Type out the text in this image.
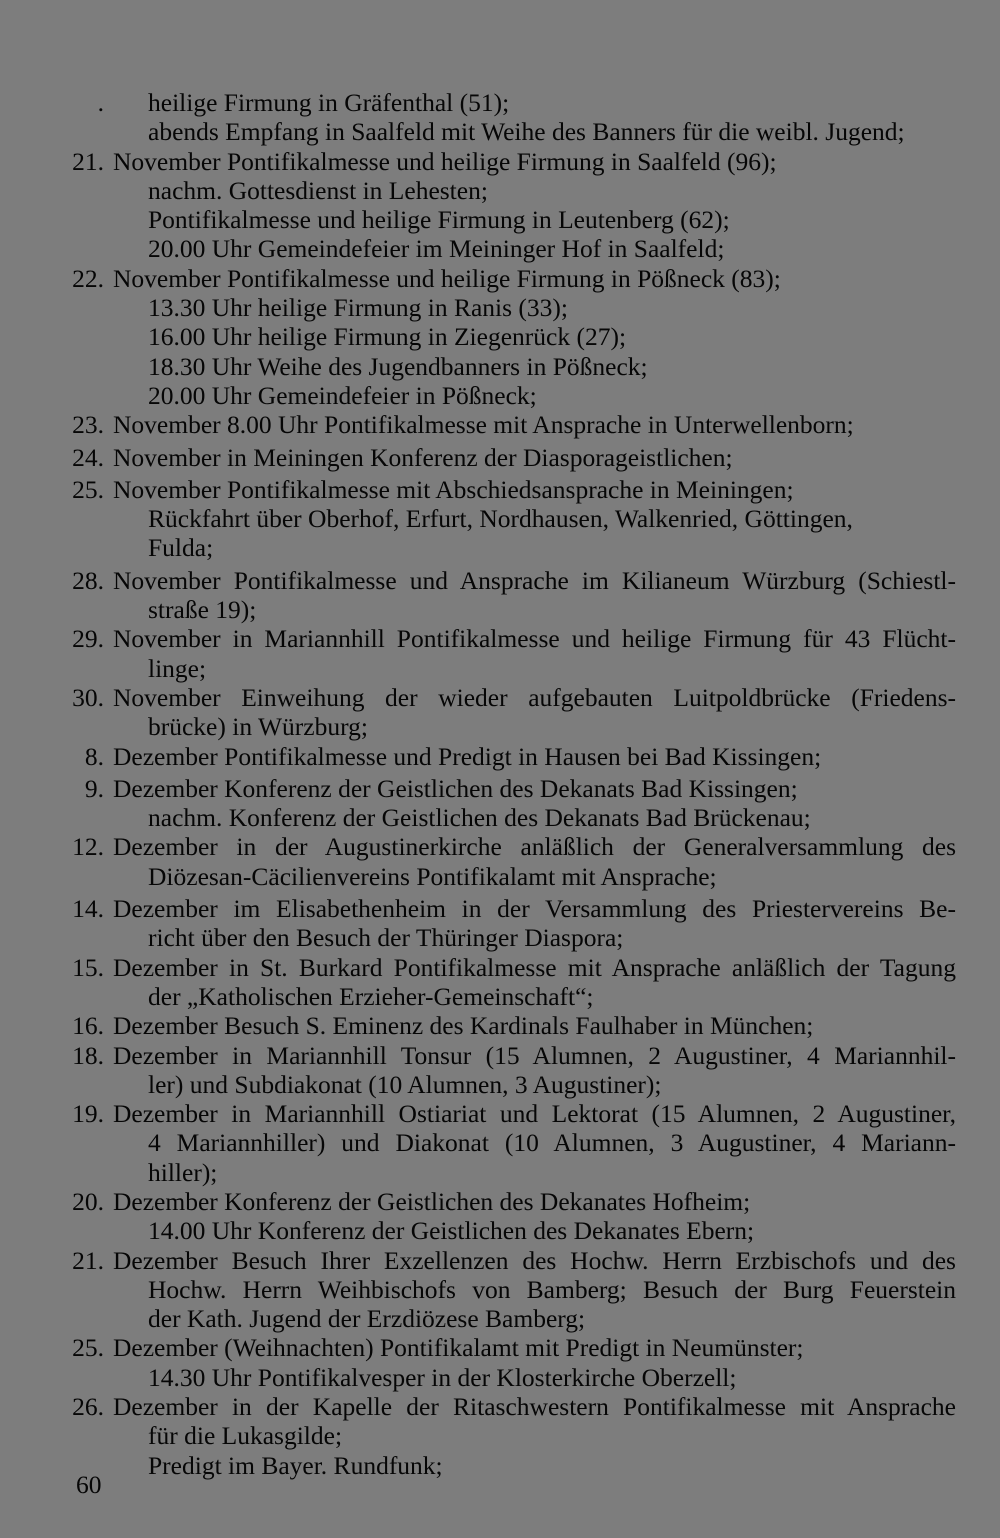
. heilige Firmung in Gräfenthal (51);
abends Empfang in Saalfeld mit Weihe des Banners für die weibl. Jugend;
21. November Pontifikalmesse und heilige Firmung in Saalfeld (96);
nachm. Gottesdienst in Lehesten;
Pontifikalmesse und heilige Firmung in Leutenberg (62);
20.00 Uhr Gemeindefeier im Meininger Hof in Saalfeld;
22. November Pontifikalmesse und heilige Firmung in Pößneck (83);
13.30 Uhr heilige Firmung in Ranis (33);
16.00 Uhr heilige Firmung in Ziegenrück (27);
18.30 Uhr Weihe des Jugendbanners in Pößneck;
20.00 Uhr Gemeindefeier in Pößneck;
23. November 8.00 Uhr Pontifikalmesse mit Ansprache in Unterwellenborn;
24. November in Meiningen Konferenz der Diasporageistlichen;
25. November Pontifikalmesse mit Abschiedsansprache in Meiningen;
Rückfahrt über Oberhof, Erfurt, Nordhausen, Walkenried, Göttingen,
Fulda;
28. November Pontifikalmesse und Ansprache im Kilianeum Würzburg (Schiestl-
straße 19);
29. November in Mariannhill Pontifikalmesse und heilige Firmung für 43 Flücht-
linge;
30. November Einweihung der wieder aufgebauten Luitpoldbrücke (Friedens-
brücke) in Würzburg;
8. Dezember Pontifikalmesse und Predigt in Hausen bei Bad Kissingen;
9. Dezember Konferenz der Geistlichen des Dekanats Bad Kissingen;
nachm. Konferenz der Geistlichen des Dekanats Bad Brückenau;
12. Dezember in der Augustinerkirche anläßlich der Generalversammlung des
Diözesan-Cäcilienvereins Pontifikalamt mit Ansprache;
14. Dezember im Elisabethenheim in der Versammlung des Priestervereins Be-
richt über den Besuch der Thüringer Diaspora;
15. Dezember in St. Burkard Pontifikalmesse mit Ansprache anläßlich der Tagung
der „Katholischen Erzieher-Gemeinschaft“;
16. Dezember Besuch S. Eminenz des Kardinals Faulhaber in München;
18. Dezember in Mariannhill Tonsur (15 Alumnen, 2 Augustiner, 4 Mariannhil-
ler) und Subdiakonat (10 Alumnen, 3 Augustiner);
19. Dezember in Mariannhill Ostiariat und Lektorat (15 Alumnen, 2 Augustiner,
4 Mariannhiller) und Diakonat (10 Alumnen, 3 Augustiner, 4 Mariann-
hiller);
20. Dezember Konferenz der Geistlichen des Dekanates Hofheim;
14.00 Uhr Konferenz der Geistlichen des Dekanates Ebern;
21. Dezember Besuch Ihrer Exzellenzen des Hochw. Herrn Erzbischofs und des
Hochw. Herrn Weihbischofs von Bamberg; Besuch der Burg Feuerstein
der Kath. Jugend der Erzdiözese Bamberg;
25. Dezember (Weihnachten) Pontifikalamt mit Predigt in Neumünster;
14.30 Uhr Pontifikalvesper in der Klosterkirche Oberzell;
26. Dezember in der Kapelle der Ritaschwestern Pontifikalmesse mit Ansprache
für die Lukasgilde;
Predigt im Bayer. Rundfunk;
60
